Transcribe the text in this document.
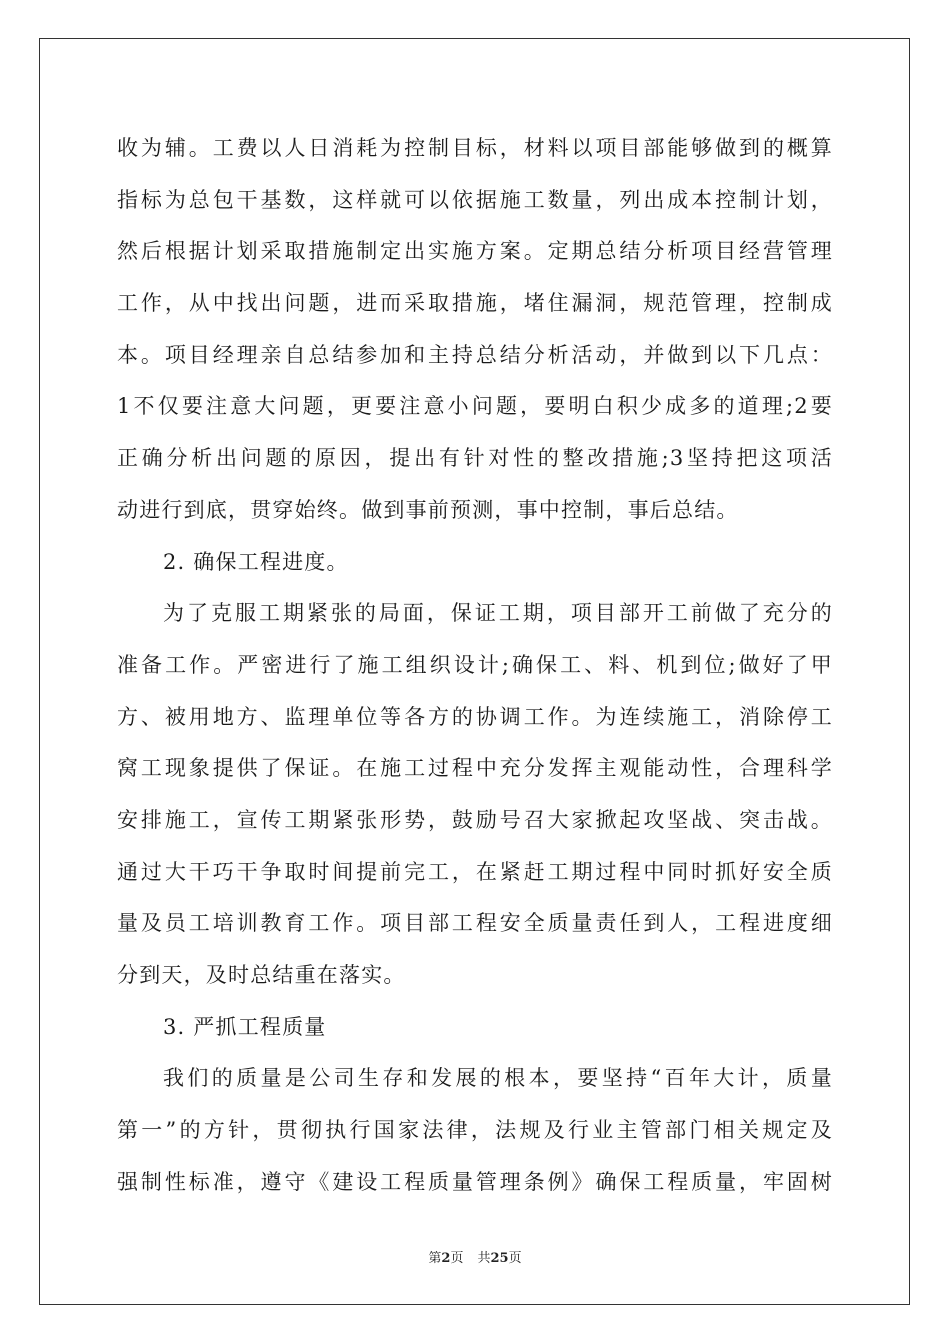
收为辅。工费以人日消耗为控制目标，材料以项目部能够做到的概算
指标为总包干基数，这样就可以依据施工数量，列出成本控制计划，
然后根据计划采取措施制定出实施方案。定期总结分析项目经营管理
工作，从中找出问题，进而采取措施，堵住漏洞，规范管理，控制成
本。项目经理亲自总结参加和主持总结分析活动，并做到以下几点：
1不仅要注意大问题，更要注意小问题，要明白积少成多的道理;2要
正确分析出问题的原因，提出有针对性的整改措施;3坚持把这项活
动进行到底，贯穿始终。做到事前预测，事中控制，事后总结。
2. 确保工程进度。
为了克服工期紧张的局面，保证工期，项目部开工前做了充分的
准备工作。严密进行了施工组织设计;确保工、料、机到位;做好了甲
方、被用地方、监理单位等各方的协调工作。为连续施工，消除停工
窝工现象提供了保证。在施工过程中充分发挥主观能动性，合理科学
安排施工，宣传工期紧张形势，鼓励号召大家掀起攻坚战、突击战。
通过大干巧干争取时间提前完工，在紧赶工期过程中同时抓好安全质
量及员工培训教育工作。项目部工程安全质量责任到人，工程进度细
分到天，及时总结重在落实。
3. 严抓工程质量
我们的质量是公司生存和发展的根本，要坚持“百年大计，质量
第一”的方针，贯彻执行国家法律，法规及行业主管部门相关规定及
强制性标准，遵守《建设工程质量管理条例》确保工程质量，牢固树
第2页 共25页
